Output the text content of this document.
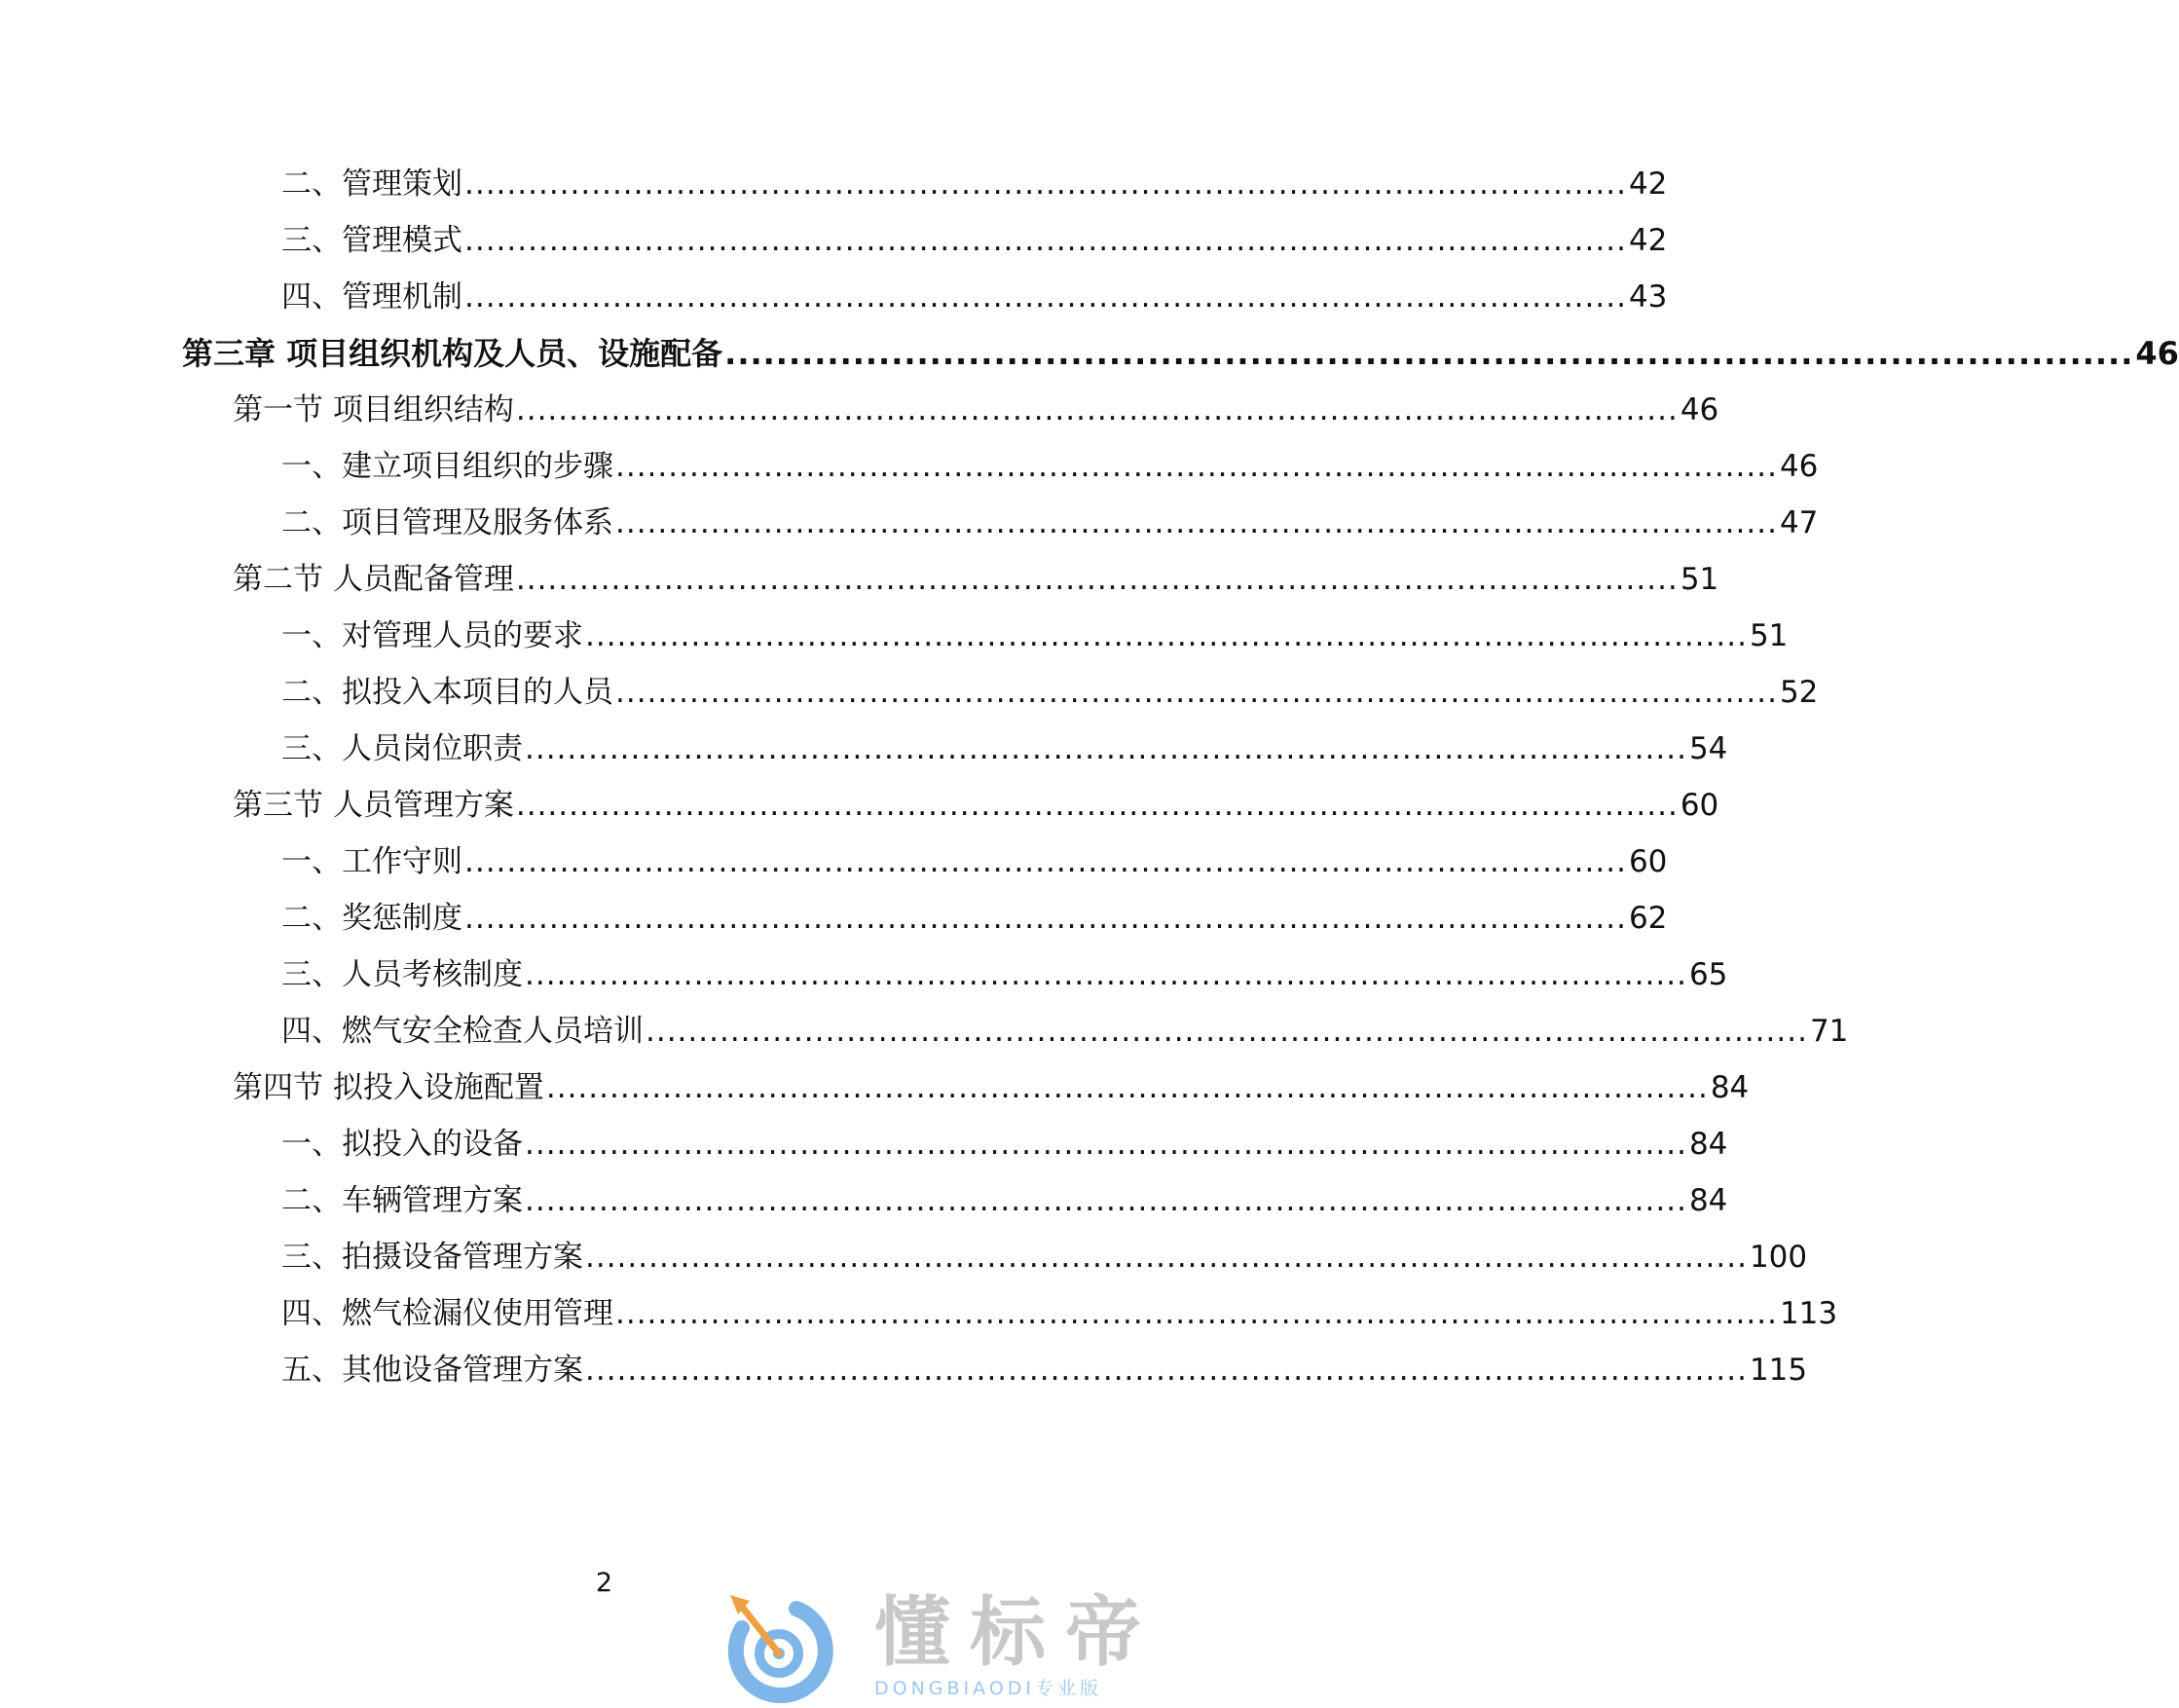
二、管理策划 .............................................................................................................. 42
三、管理模式 .............................................................................................................. 42
四、管理机制 .............................................................................................................. 43
第三章 项目组织机构及人员、设施配备 .............................................................................................................. 46
第一节 项目组织结构 .............................................................................................................. 46
一、建立项目组织的步骤 .............................................................................................................. 46
二、项目管理及服务体系 .............................................................................................................. 47
第二节 人员配备管理 .............................................................................................................. 51
一、对管理人员的要求 .............................................................................................................. 51
二、拟投入本项目的人员 .............................................................................................................. 52
三、人员岗位职责 .............................................................................................................. 54
第三节 人员管理方案 .............................................................................................................. 60
一、工作守则 .............................................................................................................. 60
二、奖惩制度 .............................................................................................................. 62
三、人员考核制度 .............................................................................................................. 65
四、燃气安全检查人员培训 .............................................................................................................. 71
第四节 拟投入设施配置 .............................................................................................................. 84
一、拟投入的设备 .............................................................................................................. 84
二、车辆管理方案 .............................................................................................................. 84
三、拍摄设备管理方案 .............................................................................................................. 100
四、燃气检漏仪使用管理 .............................................................................................................. 113
五、其他设备管理方案 .............................................................................................................. 115
2
懂标帝
DONGBIAODI专业版
